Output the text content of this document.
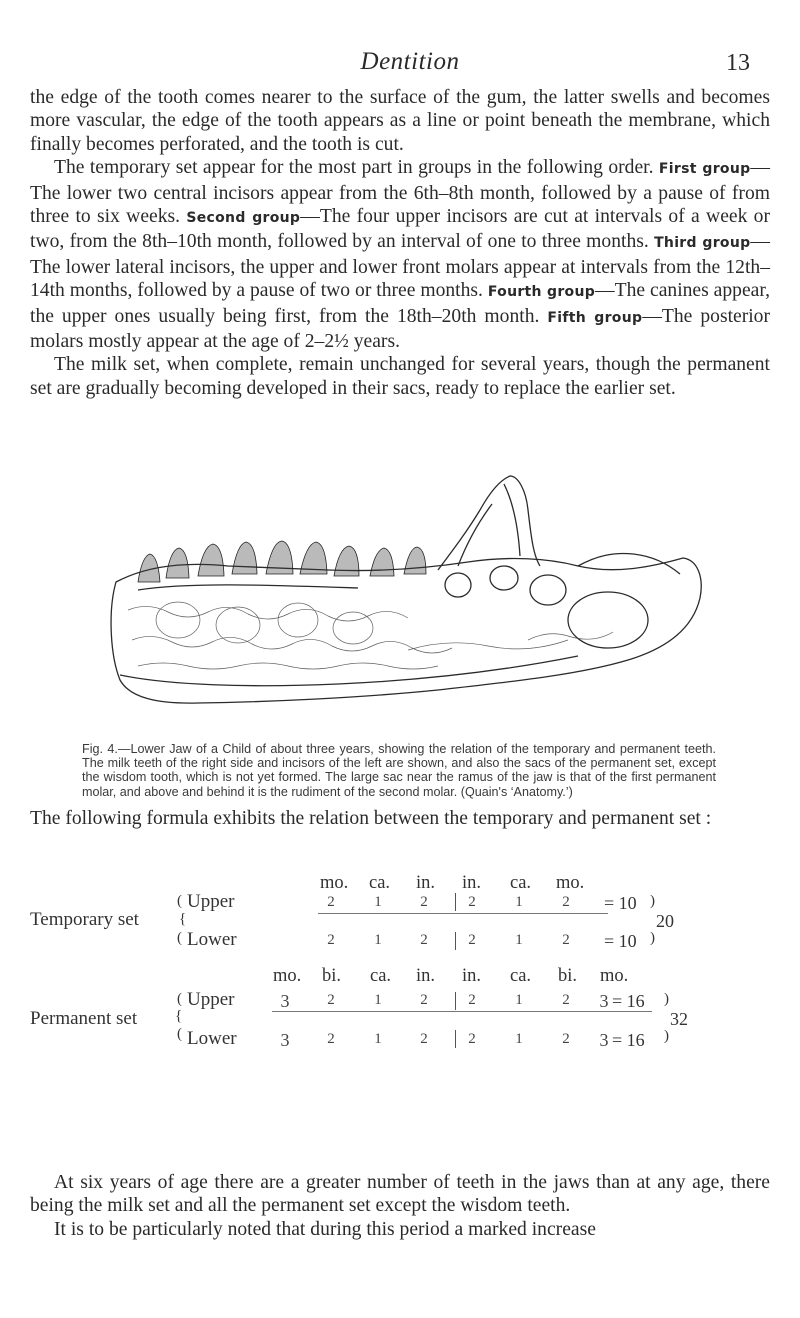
Dentition	13

the edge of the tooth comes nearer to the surface of the gum, the latter swells and becomes more vascular, the edge of the tooth appears as a line or point beneath the membrane, which finally becomes perforated, and the tooth is cut.

The temporary set appear for the most part in groups in the following order. First group—The lower two central incisors appear from the 6th–8th month, followed by a pause of from three to six weeks. Second group—The four upper incisors are cut at intervals of a week or two, from the 8th–10th month, followed by an interval of one to three months. Third group—The lower lateral incisors, the upper and lower front molars appear at intervals from the 12th–14th months, followed by a pause of two or three months. Fourth group—The canines appear, the upper ones usually being first, from the 18th–20th month. Fifth group—The posterior molars mostly appear at the age of 2–2½ years.

The milk set, when complete, remain unchanged for several years, though the permanent set are gradually becoming developed in their sacs, ready to replace the earlier set.

Fig. 4.—Lower Jaw of a Child of about three years, showing the relation of the temporary and permanent teeth. The milk teeth of the right side and incisors of the left are shown, and also the sacs of the permanent set, except the wisdom tooth, which is not yet formed. The large sac near the ramus of the jaw is that of the first permanent molar, and above and behind it is the rudiment of the second molar. (Quain's ‘Anatomy.’)
The following formula exhibits the relation between the temporary and permanent set :
mo. ca. in. in. ca. mo.
Temporary set
(
{
(
Upper	2	1	2	2	1	2	= 10
Lower	2	1	2	2	1	2	= 10
)
)
20
mo. bi. ca. in. in. ca. bi. mo.
Permanent set
(
{
(
Upper	3	2	1	2	2	1	2	3 = 16
Lower	3	2	1	2	2	1	2	3 = 16
)
)
32

At six years of age there are a greater number of teeth in the jaws than at any age, there being the milk set and all the permanent set except the wisdom teeth.

It is to be particularly noted that during this period a marked increase
